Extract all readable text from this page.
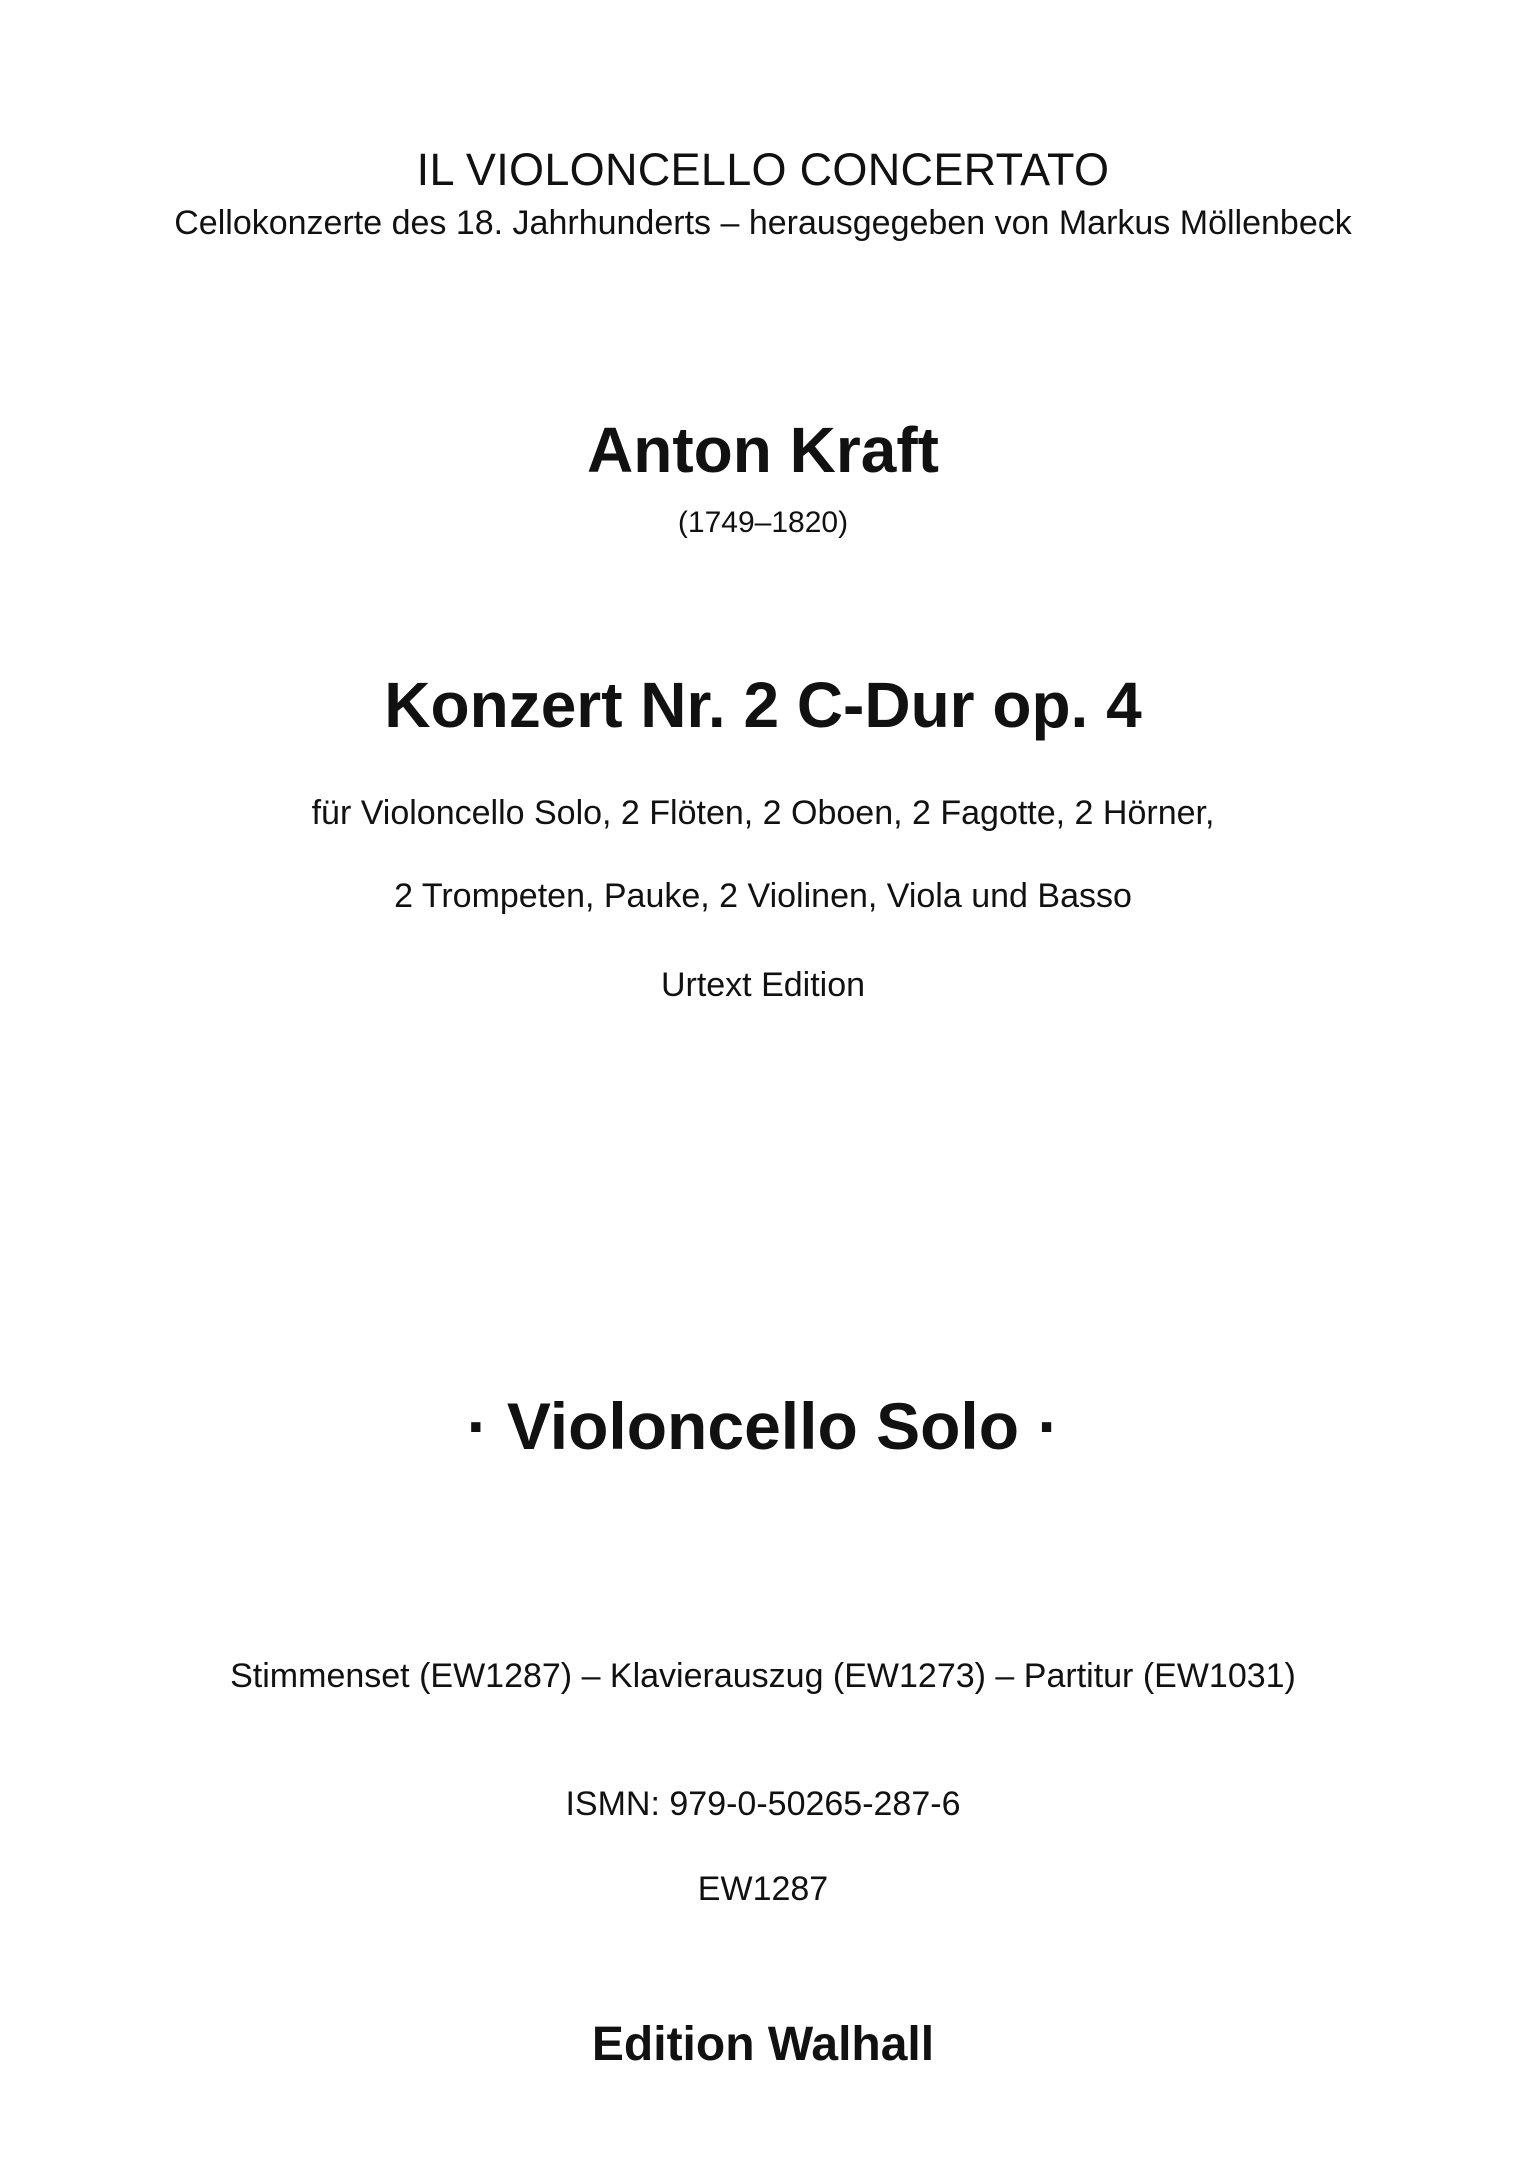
IL VIOLONCELLO CONCERTATO
Cellokonzerte des 18. Jahrhunderts – herausgegeben von Markus Möllenbeck
Anton Kraft
(1749–1820)
Konzert Nr. 2 C-Dur op. 4
für Violoncello Solo, 2 Flöten, 2 Oboen, 2 Fagotte, 2 Hörner,
2 Trompeten, Pauke, 2 Violinen, Viola und Basso
Urtext Edition
· Violoncello Solo ·
Stimmenset (EW1287) – Klavierauszug (EW1273) – Partitur (EW1031)
ISMN: 979-0-50265-287-6
EW1287
Edition Walhall
